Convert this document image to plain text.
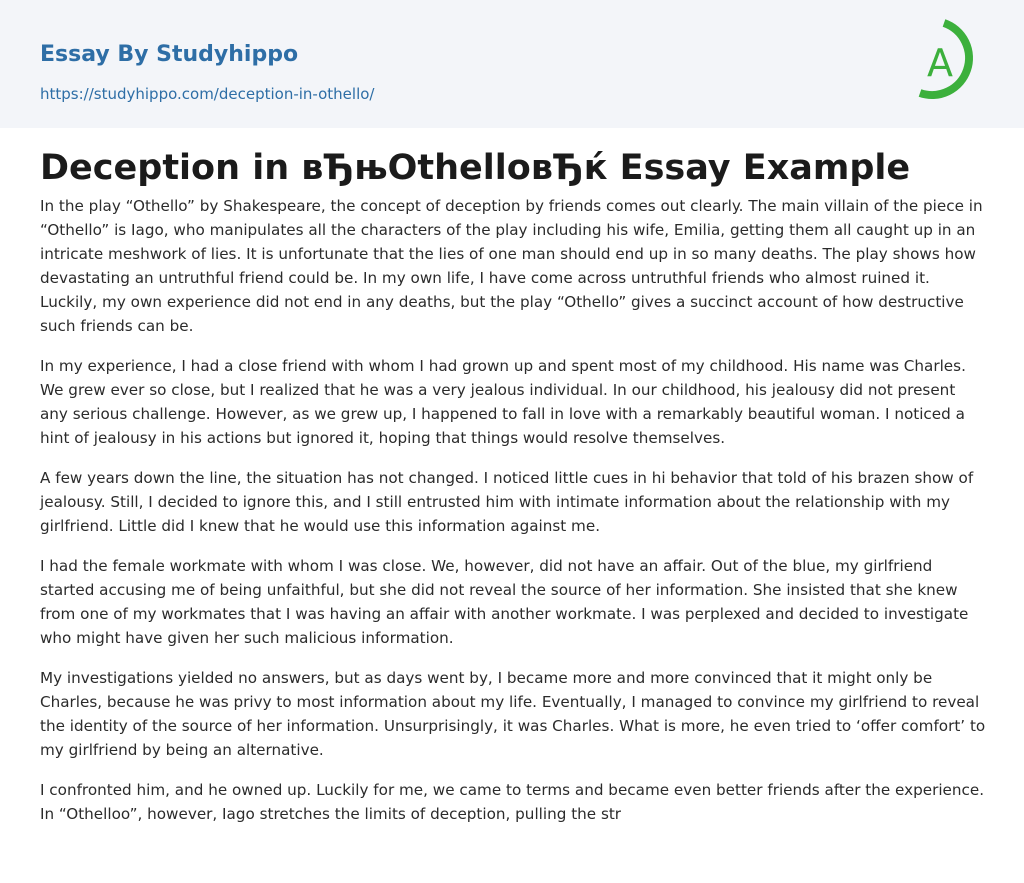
Essay By Studyhippo
https://studyhippo.com/deception-in-othello/
A
Deception in вЂњOthelloвЂќ Essay Example

In the play “Othello” by Shakespeare, the concept of deception by friends comes out clearly. The main villain of the piece in “Othello” is Iago, who manipulates all the characters of the play including his wife, Emilia, getting them all caught up in an intricate meshwork of lies. It is unfortunate that the lies of one man should end up in so many deaths. The play shows how devastating an untruthful friend could be. In my own life, I have come across untruthful friends who almost ruined it. Luckily, my own experience did not end in any deaths, but the play “Othello” gives a succinct account of how destructive such friends can be.

In my experience, I had a close friend with whom I had grown up and spent most of my childhood. His name was Charles. We grew ever so close, but I realized that he was a very jealous individual. In our childhood, his jealousy did not present any serious challenge. However, as we grew up, I happened to fall in love with a remarkably beautiful woman. I noticed a hint of jealousy in his actions but ignored it, hoping that things would resolve themselves.

A few years down the line, the situation has not changed. I noticed little cues in hi behavior that told of his brazen show of jealousy. Still, I decided to ignore this, and I still entrusted him with intimate information about the relationship with my girlfriend. Little did I knew that he would use this information against me.

I had the female workmate with whom I was close. We, however, did not have an affair. Out of the blue, my girlfriend started accusing me of being unfaithful, but she did not reveal the source of her information. She insisted that she knew from one of my workmates that I was having an affair with another workmate. I was perplexed and decided to investigate who might have given her such malicious information.

My investigations yielded no answers, but as days went by, I became more and more convinced that it might only be Charles, because he was privy to most information about my life. Eventually, I managed to convince my girlfriend to reveal the identity of the source of her information. Unsurprisingly, it was Charles. What is more, he even tried to ‘offer comfort’ to my girlfriend by being an alternative.

I confronted him, and he owned up. Luckily for me, we came to terms and became even better friends after the experience. In “Othelloo”, however, Iago stretches the limits of deception, pulling the str
